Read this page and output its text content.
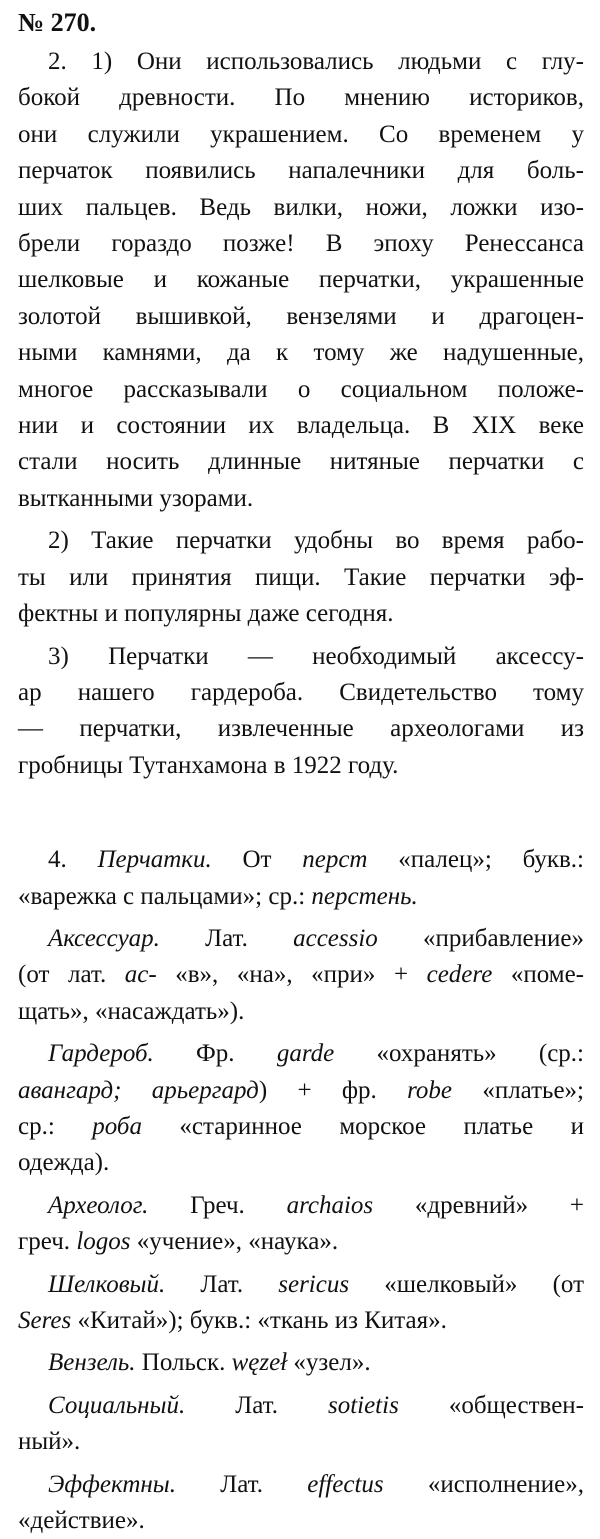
№ 270.
2. 1) Они использовались людьми с глу-
бокой древности. По мнению историков,
они служили украшением. Со временем у
перчаток появились напалечники для боль-
ших пальцев. Ведь вилки, ножи, ложки изо-
брели гораздо позже! В эпоху Ренессанса
шелковые и кожаные перчатки, украшенные
золотой вышивкой, вензелями и драгоцен-
ными камнями, да к тому же надушенные,
многое рассказывали о социальном положе-
нии и состоянии их владельца. В XIX веке
стали носить длинные нитяные перчатки с
вытканными узорами.
2) Такие перчатки удобны во время рабо-
ты или принятия пищи. Такие перчатки эф-
фектны и популярны даже сегодня.
3) Перчатки — необходимый аксессу-
ар нашего гардероба. Свидетельство тому
— перчатки, извлеченные археологами из
гробницы Тутанхамона в 1922 году.
4. Перчатки. От перст «палец»; букв.:
«варежка с пальцами»; ср.: перстень.
Аксессуар. Лат. accessio «прибавление»
(от лат. ас- «в», «на», «при» + cedere «поме-
щать», «насаждать»).
Гардероб. Фр. garde «охранять» (ср.:
авангард; арьергард) + фр. robe «платье»;
ср.: роба «старинное морское платье и
одежда).
Археолог. Греч. archaios «древний» +
греч. logos «учение», «наука».
Шелковый. Лат. sericus «шелковый» (от
Seres «Китай»); букв.: «ткань из Китая».
Вензель. Польск. węzeł «узел».
Социальный. Лат. sotietis «обществен-
ный».
Эффектны. Лат. effectus «исполнение»,
«действие».
